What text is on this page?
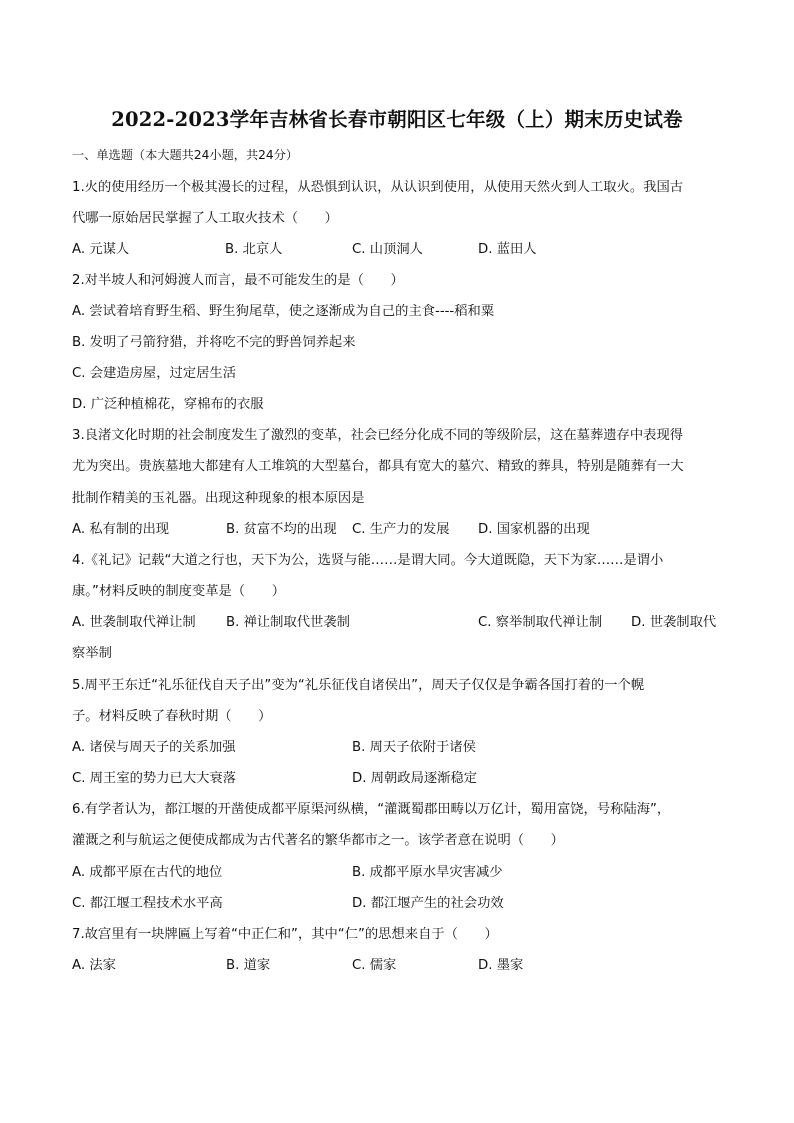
2022-2023学年吉林省长春市朝阳区七年级（上）期末历史试卷
一、单选题（本大题共24小题，共24分）
1.火的使用经历一个极其漫长的过程，从恐惧到认识，从认识到使用，从使用天然火到人工取火。我国古
代哪一原始居民掌握了人工取火技术（　　）
A. 元谋人	B. 北京人	C. 山顶洞人	D. 蓝田人
2.对半坡人和河姆渡人而言，最不可能发生的是（　　）
A. 尝试着培育野生稻、野生狗尾草，使之逐渐成为自己的主食----稻和粟
B. 发明了弓箭狩猎，并将吃不完的野兽饲养起来
C. 会建造房屋，过定居生活
D. 广泛种植棉花，穿棉布的衣服
3.良渚文化时期的社会制度发生了激烈的变革，社会已经分化成不同的等级阶层，这在墓葬遗存中表现得
尤为突出。贵族墓地大都建有人工堆筑的大型墓台，都具有宽大的墓穴、精致的葬具，特别是随葬有一大
批制作精美的玉礼器。出现这种现象的根本原因是
A. 私有制的出现	B. 贫富不均的出现 C. 生产力的发展 D. 国家机器的出现
4.《礼记》记载“大道之行也，天下为公，选贤与能……是谓大同。今大道既隐，天下为家……是谓小
康。”材料反映的制度变革是（　　）
A. 世袭制取代禅让制 B. 禅让制取代世袭制	C. 察举制取代禅让制 D. 世袭制取代
察举制
5.周平王东迁“礼乐征伐自天子出”变为“礼乐征伐自诸侯出”，周天子仅仅是争霸各国打着的一个幌
子。材料反映了春秋时期（　　）
A. 诸侯与周天子的关系加强	B. 周天子依附于诸侯
C. 周王室的势力已大大衰落	D. 周朝政局逐渐稳定
6.有学者认为，都江堰的开凿使成都平原渠河纵横，“灌溉蜀郡田畴以万亿计，蜀用富饶，号称陆海”，
灌溉之利与航运之便使成都成为古代著名的繁华都市之一。该学者意在说明（　　）
A. 成都平原在古代的地位	B. 成都平原水旱灾害减少
C. 都江堰工程技术水平高	D. 都江堰产生的社会功效
7.故宫里有一块牌匾上写着“中正仁和”，其中“仁”的思想来自于（　　）
A. 法家	B. 道家	C. 儒家	D. 墨家
